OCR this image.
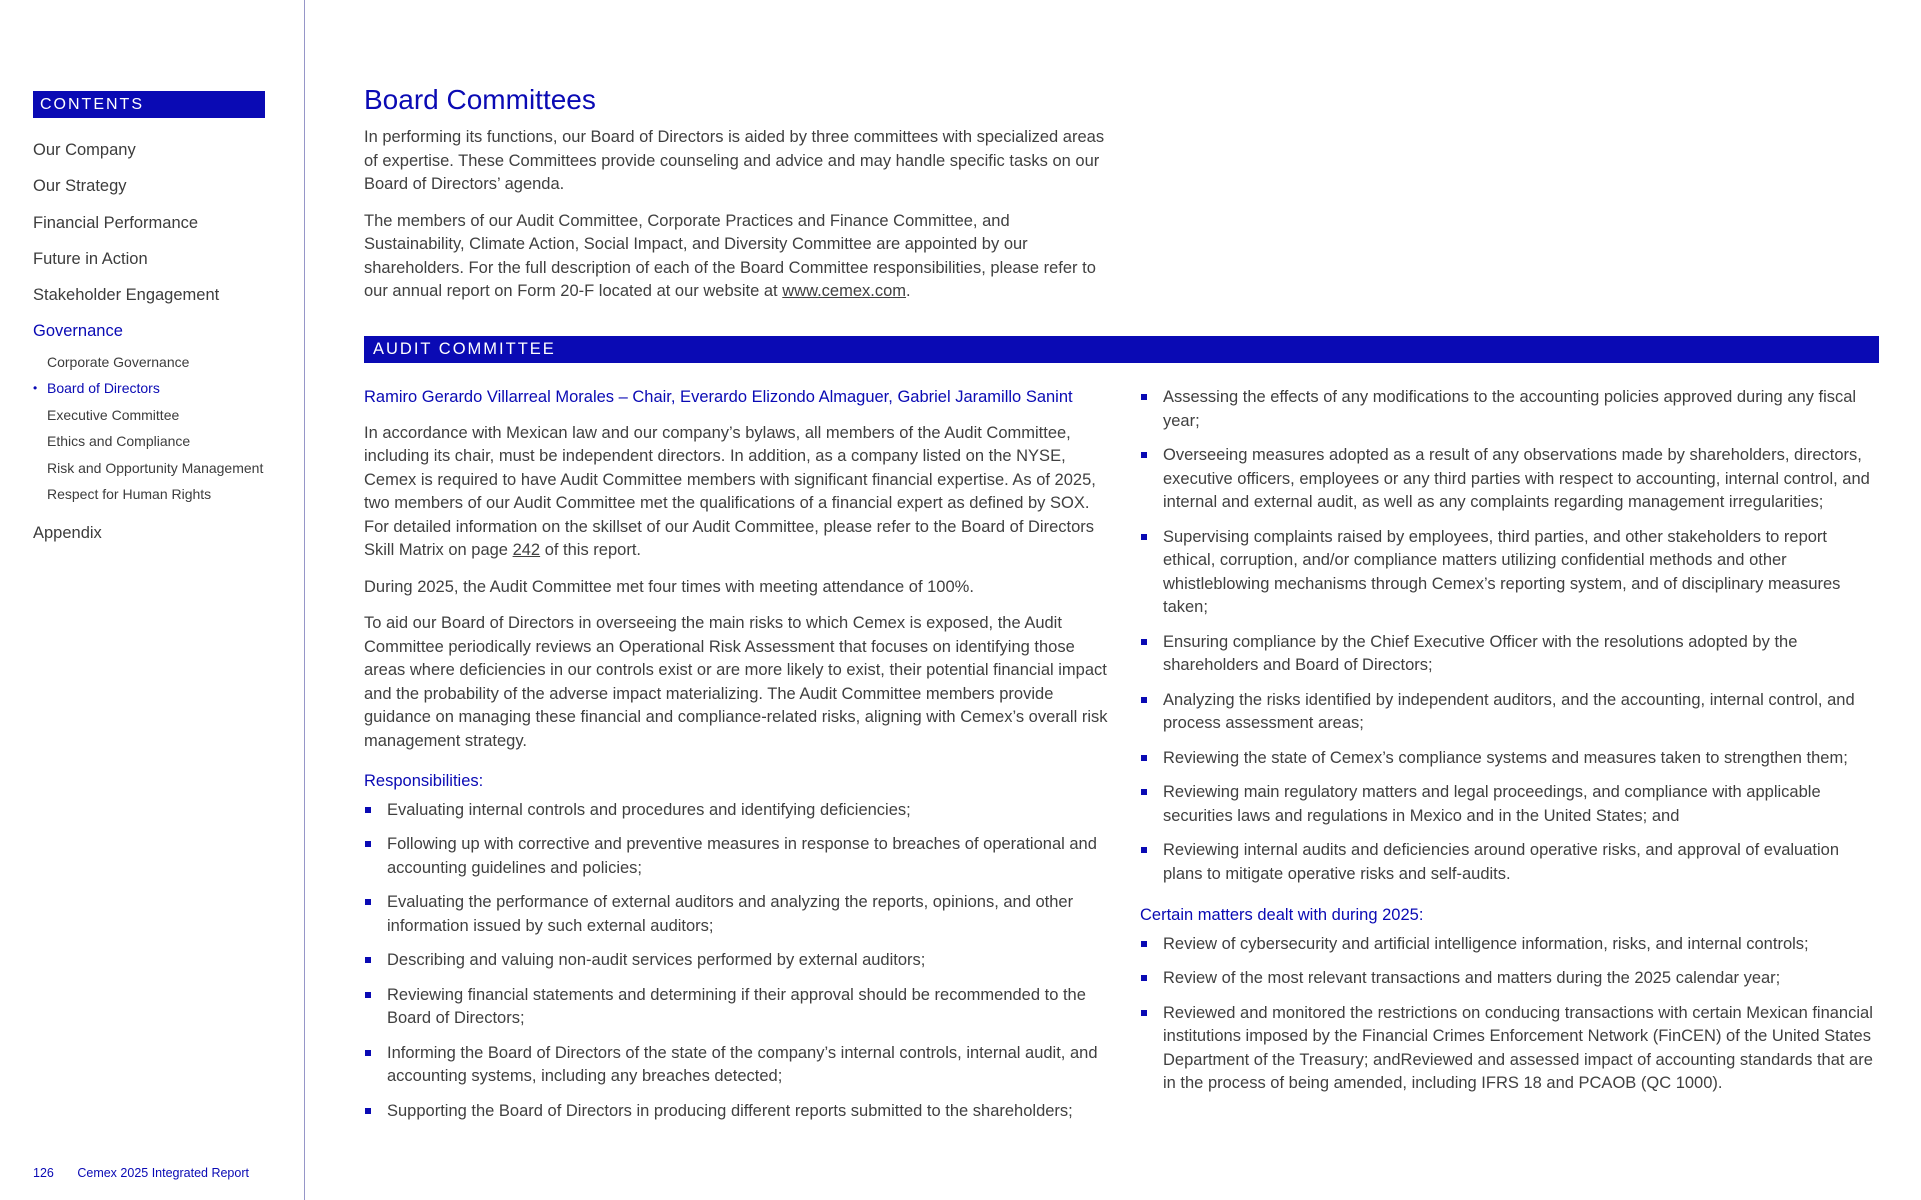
CONTENTS
Our Company
Our Strategy
Financial Performance
Future in Action
Stakeholder Engagement
Governance
Corporate Governance
• Board of Directors
Executive Committee
Ethics and Compliance
Risk and Opportunity Management
Respect for Human Rights
Appendix
126 Cemex 2025 Integrated Report
Board Committees

In performing its functions, our Board of Directors is aided by three committees with specialized areas of expertise. These Committees provide counseling and advice and may handle specific tasks on our Board of Directors’ agenda.

The members of our Audit Committee, Corporate Practices and Finance Committee, and Sustainability, Climate Action, Social Impact, and Diversity Committee are appointed by our shareholders. For the full description of each of the Board Committee responsibilities, please refer to our annual report on Form 20-F located at our website at www.cemex.com.

AUDIT COMMITTEE

Ramiro Gerardo Villarreal Morales – Chair, Everardo Elizondo Almaguer, Gabriel Jaramillo Sanint

In accordance with Mexican law and our company’s bylaws, all members of the Audit Committee, including its chair, must be independent directors. In addition, as a company listed on the NYSE, Cemex is required to have Audit Committee members with significant financial expertise. As of 2025, two members of our Audit Committee met the qualifications of a financial expert as defined by SOX. For detailed information on the skillset of our Audit Committee, please refer to the Board of Directors Skill Matrix on page 242 of this report.

During 2025, the Audit Committee met four times with meeting attendance of 100%.

To aid our Board of Directors in overseeing the main risks to which Cemex is exposed, the Audit Committee periodically reviews an Operational Risk Assessment that focuses on identifying those areas where deficiencies in our controls exist or are more likely to exist, their potential financial impact and the probability of the adverse impact materializing. The Audit Committee members provide guidance on managing these financial and compliance-related risks, aligning with Cemex’s overall risk management strategy.

Responsibilities:
Evaluating internal controls and procedures and identifying deficiencies;
Following up with corrective and preventive measures in response to breaches of operational and accounting guidelines and policies;
Evaluating the performance of external auditors and analyzing the reports, opinions, and other information issued by such external auditors;
Describing and valuing non-audit services performed by external auditors;
Reviewing financial statements and determining if their approval should be recommended to the Board of Directors;
Informing the Board of Directors of the state of the company’s internal controls, internal audit, and accounting systems, including any breaches detected;
Supporting the Board of Directors in producing different reports submitted to the shareholders;
Assessing the effects of any modifications to the accounting policies approved during any fiscal year;
Overseeing measures adopted as a result of any observations made by shareholders, directors, executive officers, employees or any third parties with respect to accounting, internal control, and internal and external audit, as well as any complaints regarding management irregularities;
Supervising complaints raised by employees, third parties, and other stakeholders to report ethical, corruption, and/or compliance matters utilizing confidential methods and other whistleblowing mechanisms through Cemex’s reporting system, and of disciplinary measures taken;
Ensuring compliance by the Chief Executive Officer with the resolutions adopted by the shareholders and Board of Directors;
Analyzing the risks identified by independent auditors, and the accounting, internal control, and process assessment areas;
Reviewing the state of Cemex’s compliance systems and measures taken to strengthen them;
Reviewing main regulatory matters and legal proceedings, and compliance with applicable securities laws and regulations in Mexico and in the United States; and
Reviewing internal audits and deficiencies around operative risks, and approval of evaluation plans to mitigate operative risks and self-audits.
Certain matters dealt with during 2025:
Review of cybersecurity and artificial intelligence information, risks, and internal controls;
Review of the most relevant transactions and matters during the 2025 calendar year;
Reviewed and monitored the restrictions on conducing transactions with certain Mexican financial institutions imposed by the Financial Crimes Enforcement Network (FinCEN) of the United States Department of the Treasury; andReviewed and assessed impact of accounting standards that are in the process of being amended, including IFRS 18 and PCAOB (QC 1000).
